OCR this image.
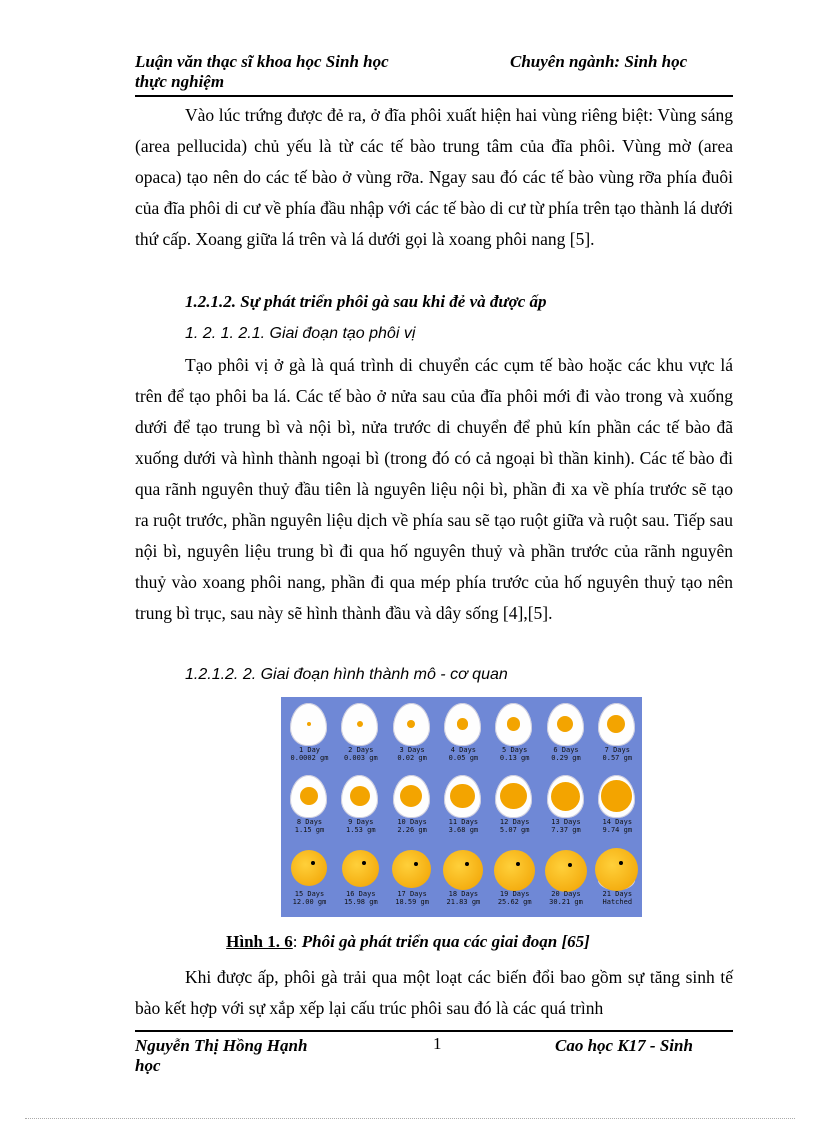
Luận văn thạc sĩ khoa học Sinh học
thực nghiệm
Chuyên ngành: Sinh học

Vào lúc trứng được đẻ ra, ở đĩa phôi xuất hiện hai vùng riêng biệt: Vùng sáng (area pellucida) chủ yếu là từ các tế bào trung tâm của đĩa phôi. Vùng mờ (area opaca) tạo nên do các tế bào ở vùng rỡa. Ngay sau đó các tế bào vùng rỡa phía đuôi của đĩa phôi di cư về phía đầu nhập với các tế bào di cư từ phía trên tạo thành lá dưới thứ cấp. Xoang giữa lá trên và lá dưới gọi là xoang phôi nang [5].

1.2.1.2. Sự phát triển phôi gà sau khi đẻ và được ấp
1. 2. 1. 2.1. Giai đoạn tạo phôi vị

Tạo phôi vị ở gà là quá trình di chuyển các cụm tế bào hoặc các khu vực lá trên để tạo phôi ba lá. Các tế bào ở nửa sau của đĩa phôi mới đi vào trong và xuống dưới để tạo trung bì và nội bì, nửa trước di chuyển để phủ kín phần các tế bào đã xuống dưới và hình thành ngoại bì (trong đó có cả ngoại bì thần kinh). Các tế bào đi qua rãnh nguyên thuỷ đầu tiên là nguyên liệu nội bì, phần đi xa về phía trước sẽ tạo ra ruột trước, phần nguyên liệu dịch về phía sau sẽ tạo ruột giữa và ruột sau. Tiếp sau nội bì, nguyên liệu trung bì đi qua hố nguyên thuỷ và phần trước của rãnh nguyên thuỷ vào xoang phôi nang, phần đi qua mép phía trước của hố nguyên thuỷ tạo nên trung bì trục, sau này sẽ hình thành đầu và dây sống [4],[5].

1.2.1.2. 2. Giai đoạn hình thành mô - cơ quan
1 Day
0.0002 gm
2 Days
0.003 gm
3 Days
0.02 gm
4 Days
0.05 gm
5 Days
0.13 gm
6 Days
0.29 gm
7 Days
0.57 gm
8 Days
1.15 gm
9 Days
1.53 gm
10 Days
2.26 gm
11 Days
3.68 gm
12 Days
5.07 gm
13 Days
7.37 gm
14 Days
9.74 gm
15 Days
12.00 gm
16 Days
15.98 gm
17 Days
18.59 gm
18 Days
21.83 gm
19 Days
25.62 gm
20 Days
30.21 gm
21 Days
Hatched
Hình 1. 6: Phôi gà phát triển qua các giai đoạn [65]

Khi được ấp, phôi gà trải qua một loạt các biến đổi bao gồm sự tăng sinh tế bào kết hợp với sự xắp xếp lại cấu trúc phôi sau đó là các quá trình

Nguyễn Thị Hồng Hạnh
học
1	Cao học K17 - Sinh
